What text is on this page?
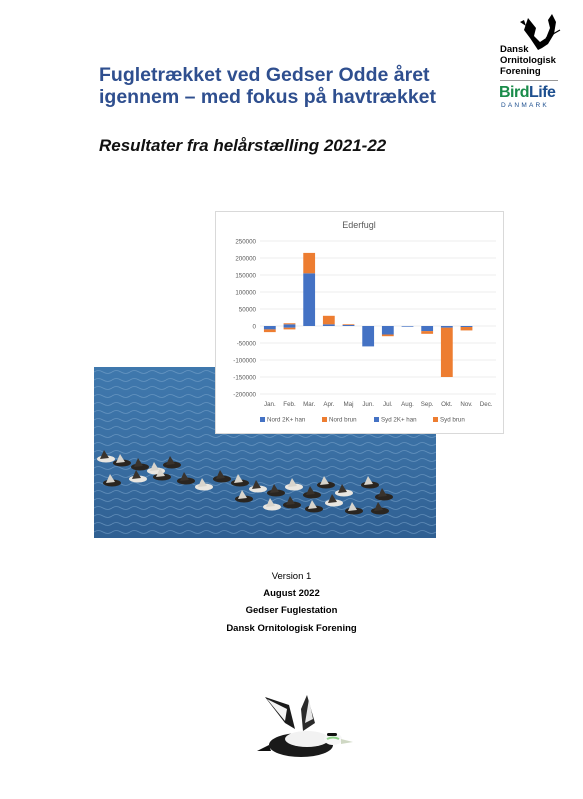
Fugletrækket ved Gedser Odde året
igennem – med fokus på havtrækket
Resultater fra helårstælling 2021-22
Dansk
Ornitologisk
Forening
BirdLife
DANMARK
Ederfugl
250000
200000
150000
100000
50000
0
-50000
-100000
-150000
-200000
Jan. Feb. Mar. Apr. Maj Jun. Jul. Aug. Sep. Okt. Nov. Dec.
Nord 2K+ han	Nord brun	Syd 2K+ han	Syd brun
Version 1
August 2022
Gedser Fuglestation
Dansk Ornitologisk Forening
